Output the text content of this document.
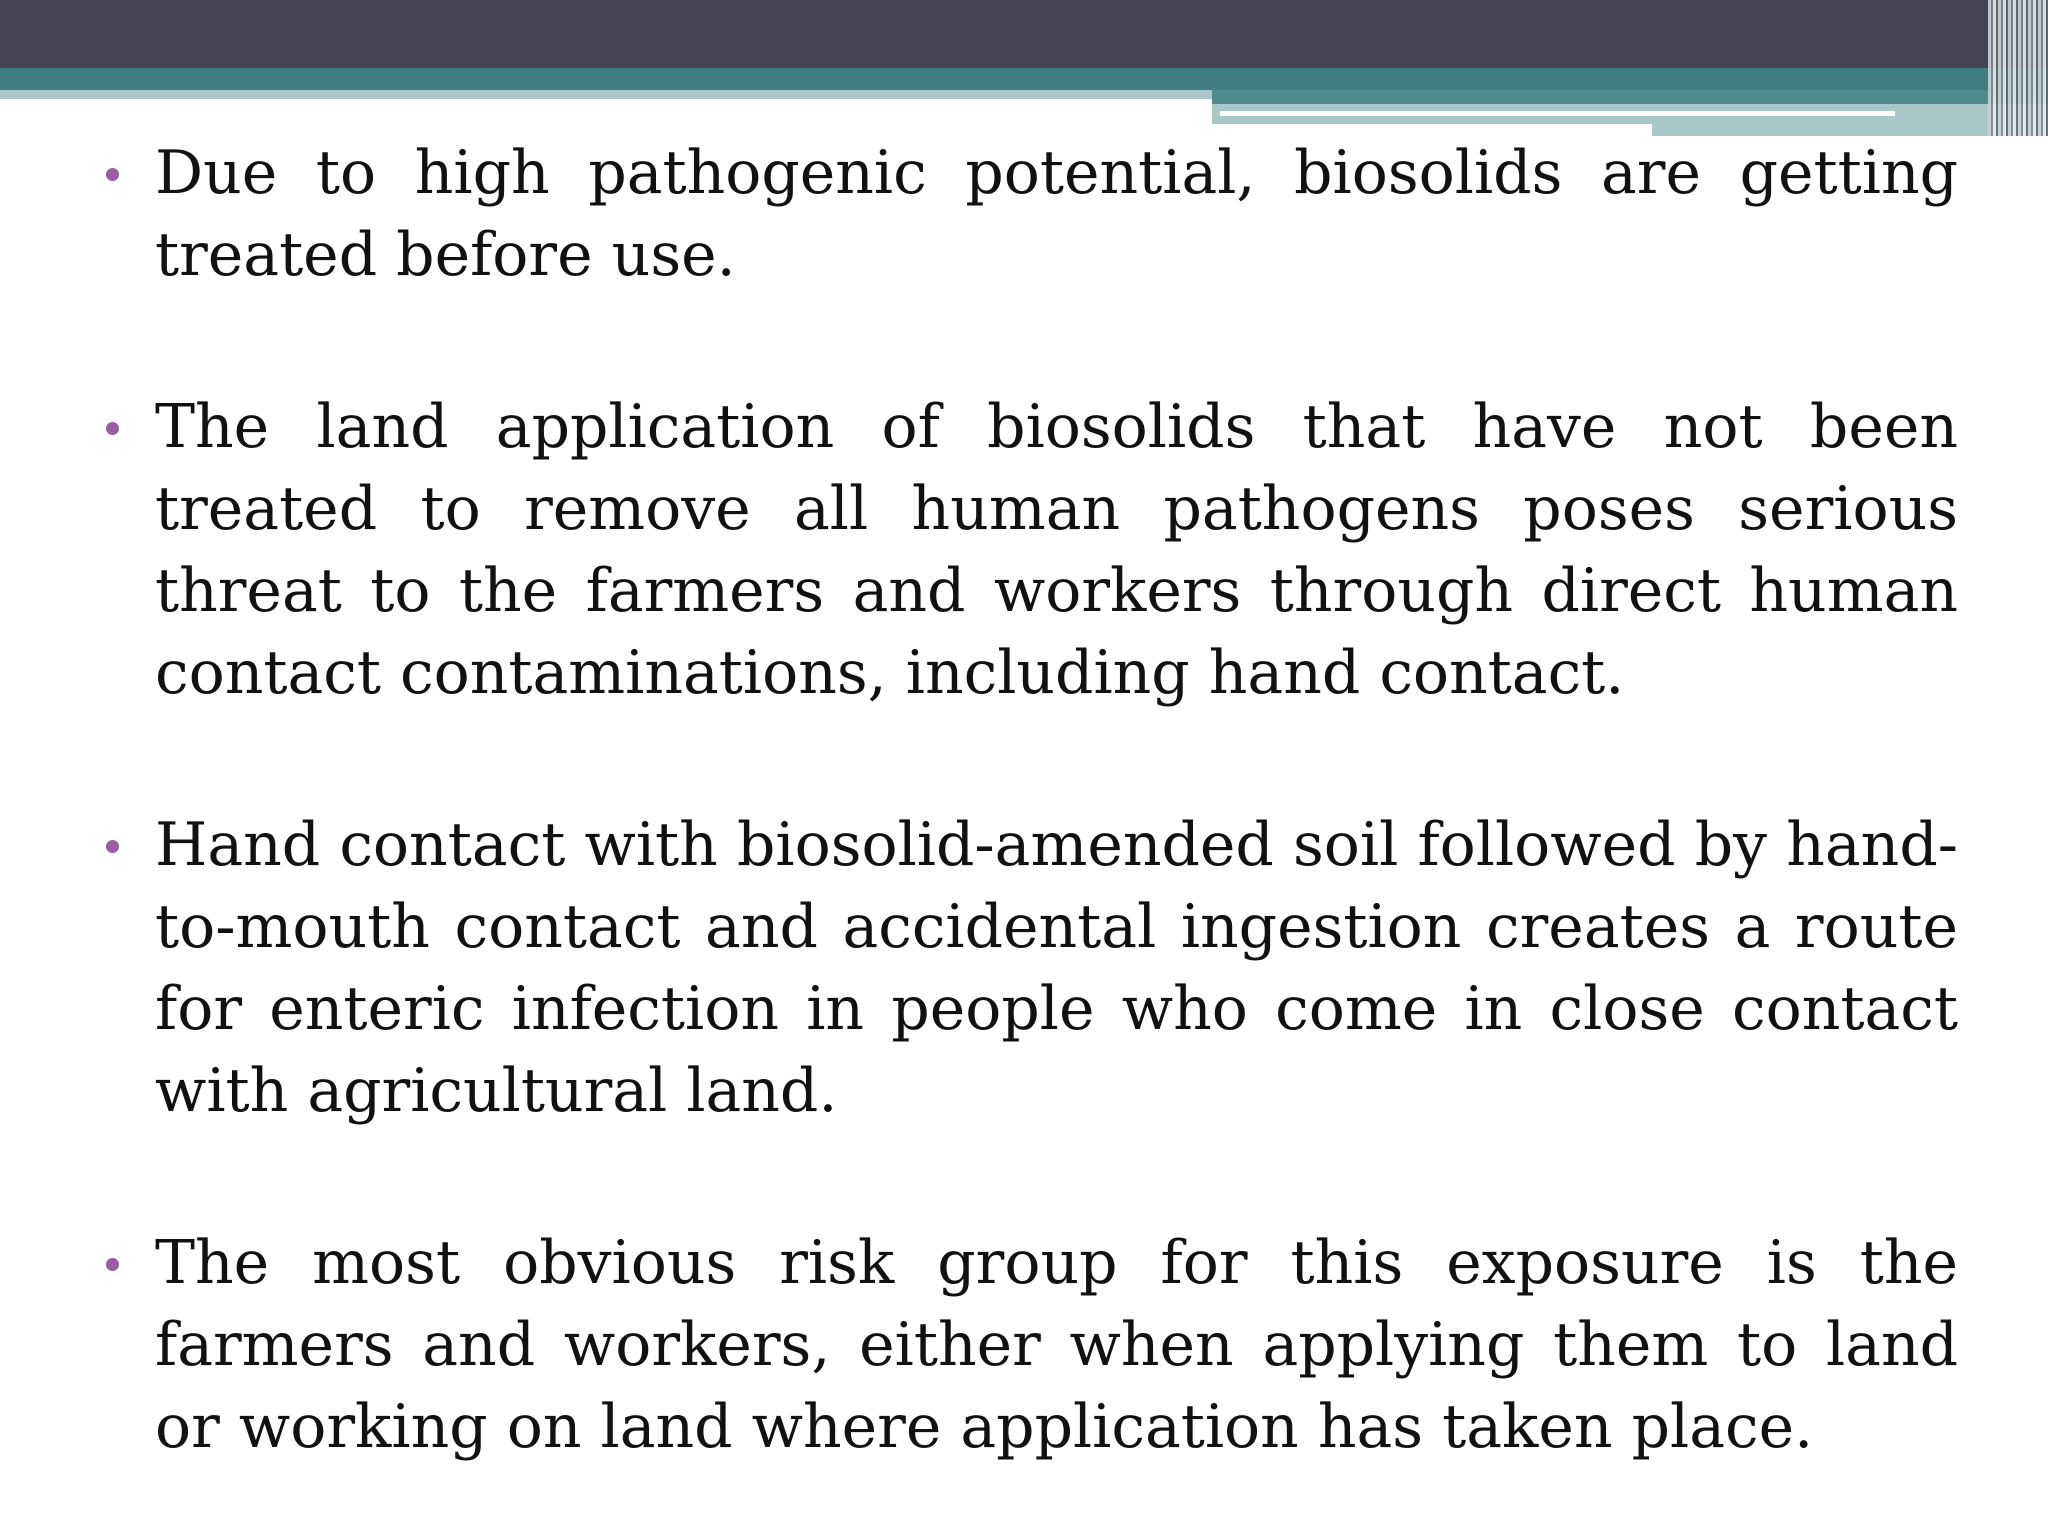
Due to high pathogenic potential, biosolids are getting treated before use.
The land application of biosolids that have not been treated to remove all human pathogens poses serious threat to the farmers and workers through direct human contact contaminations, including hand contact.
Hand contact with biosolid-amended soil followed by hand-to-mouth contact and accidental ingestion creates a route for enteric infection in people who come in close contact with agricultural land.
The most obvious risk group for this exposure is the farmers and workers, either when applying them to land or working on land where application has taken place.
